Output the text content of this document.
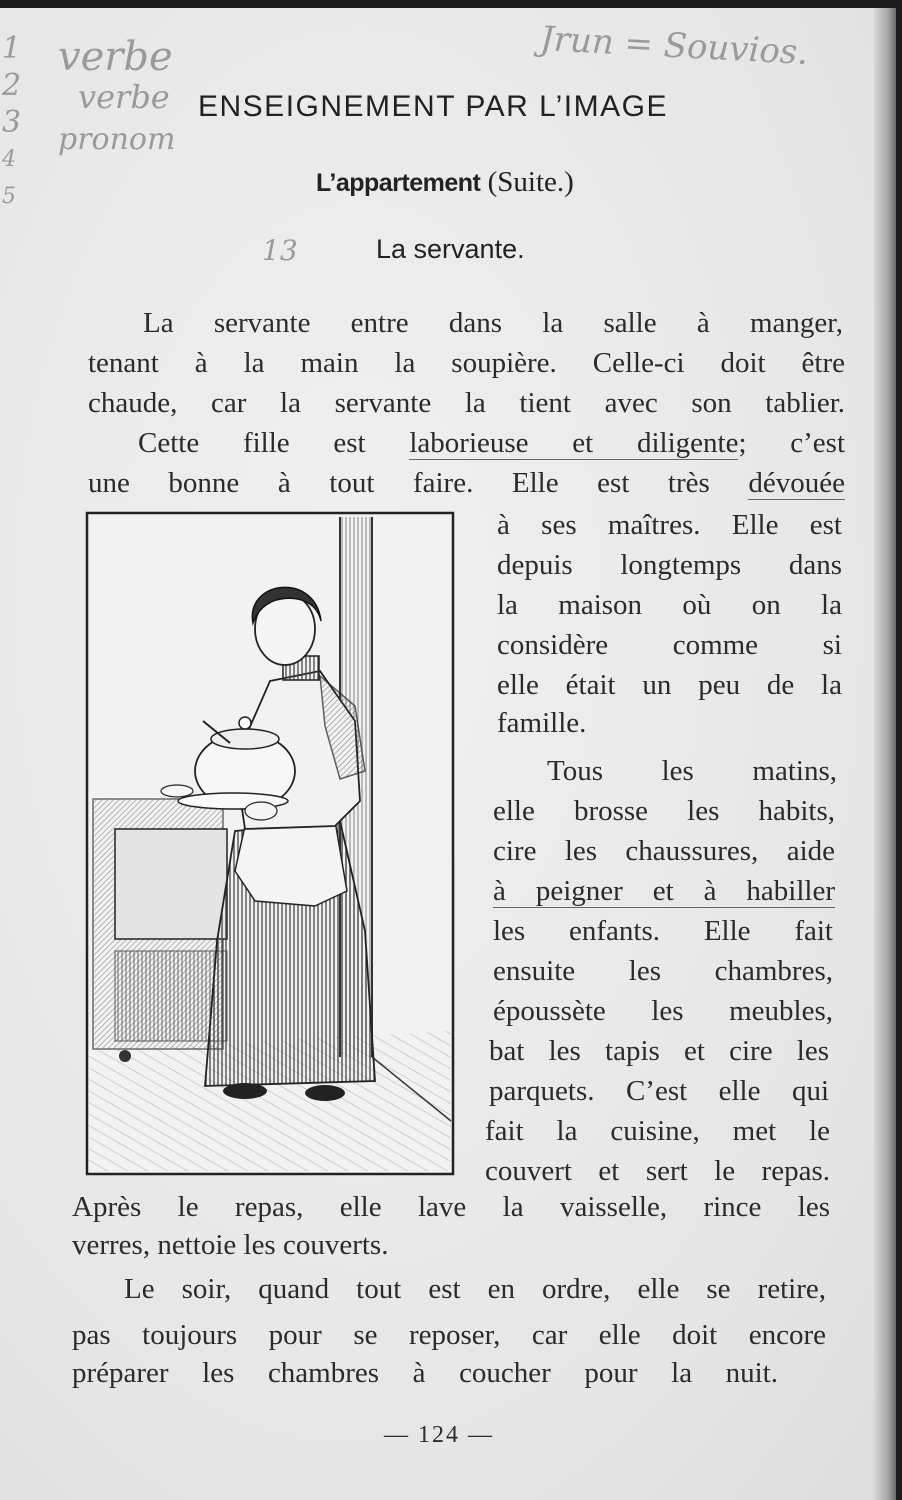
1
2
3
4
5
verbe
verbe
pronom
Jrun = Souvios.
13
ENSEIGNEMENT PAR L’IMAGE
L’appartement (Suite.)
La servante.
La servante entre dans la salle à manger,
tenant à la main la soupière. Celle-ci doit être
chaude, car la servante la tient avec son tablier.
Cette fille est laborieuse et diligente; c’est
une bonne à tout faire. Elle est très dévouée
à ses maîtres. Elle est
depuis longtemps dans
la maison où on la
considère comme si
elle était un peu de la
famille.
Tous les matins,
elle brosse les habits,
cire les chaussures, aide
à peigner et à habiller
les enfants. Elle fait
ensuite les chambres,
époussète les meubles,
bat les tapis et cire les
parquets. C’est elle qui
fait la cuisine, met le
couvert et sert le repas.
Après le repas, elle lave la vaisselle, rince les
verres, nettoie les couverts.
Le soir, quand tout est en ordre, elle se retire,
pas toujours pour se reposer, car elle doit encore
préparer les chambres à coucher pour la nuit.
— 124 —
